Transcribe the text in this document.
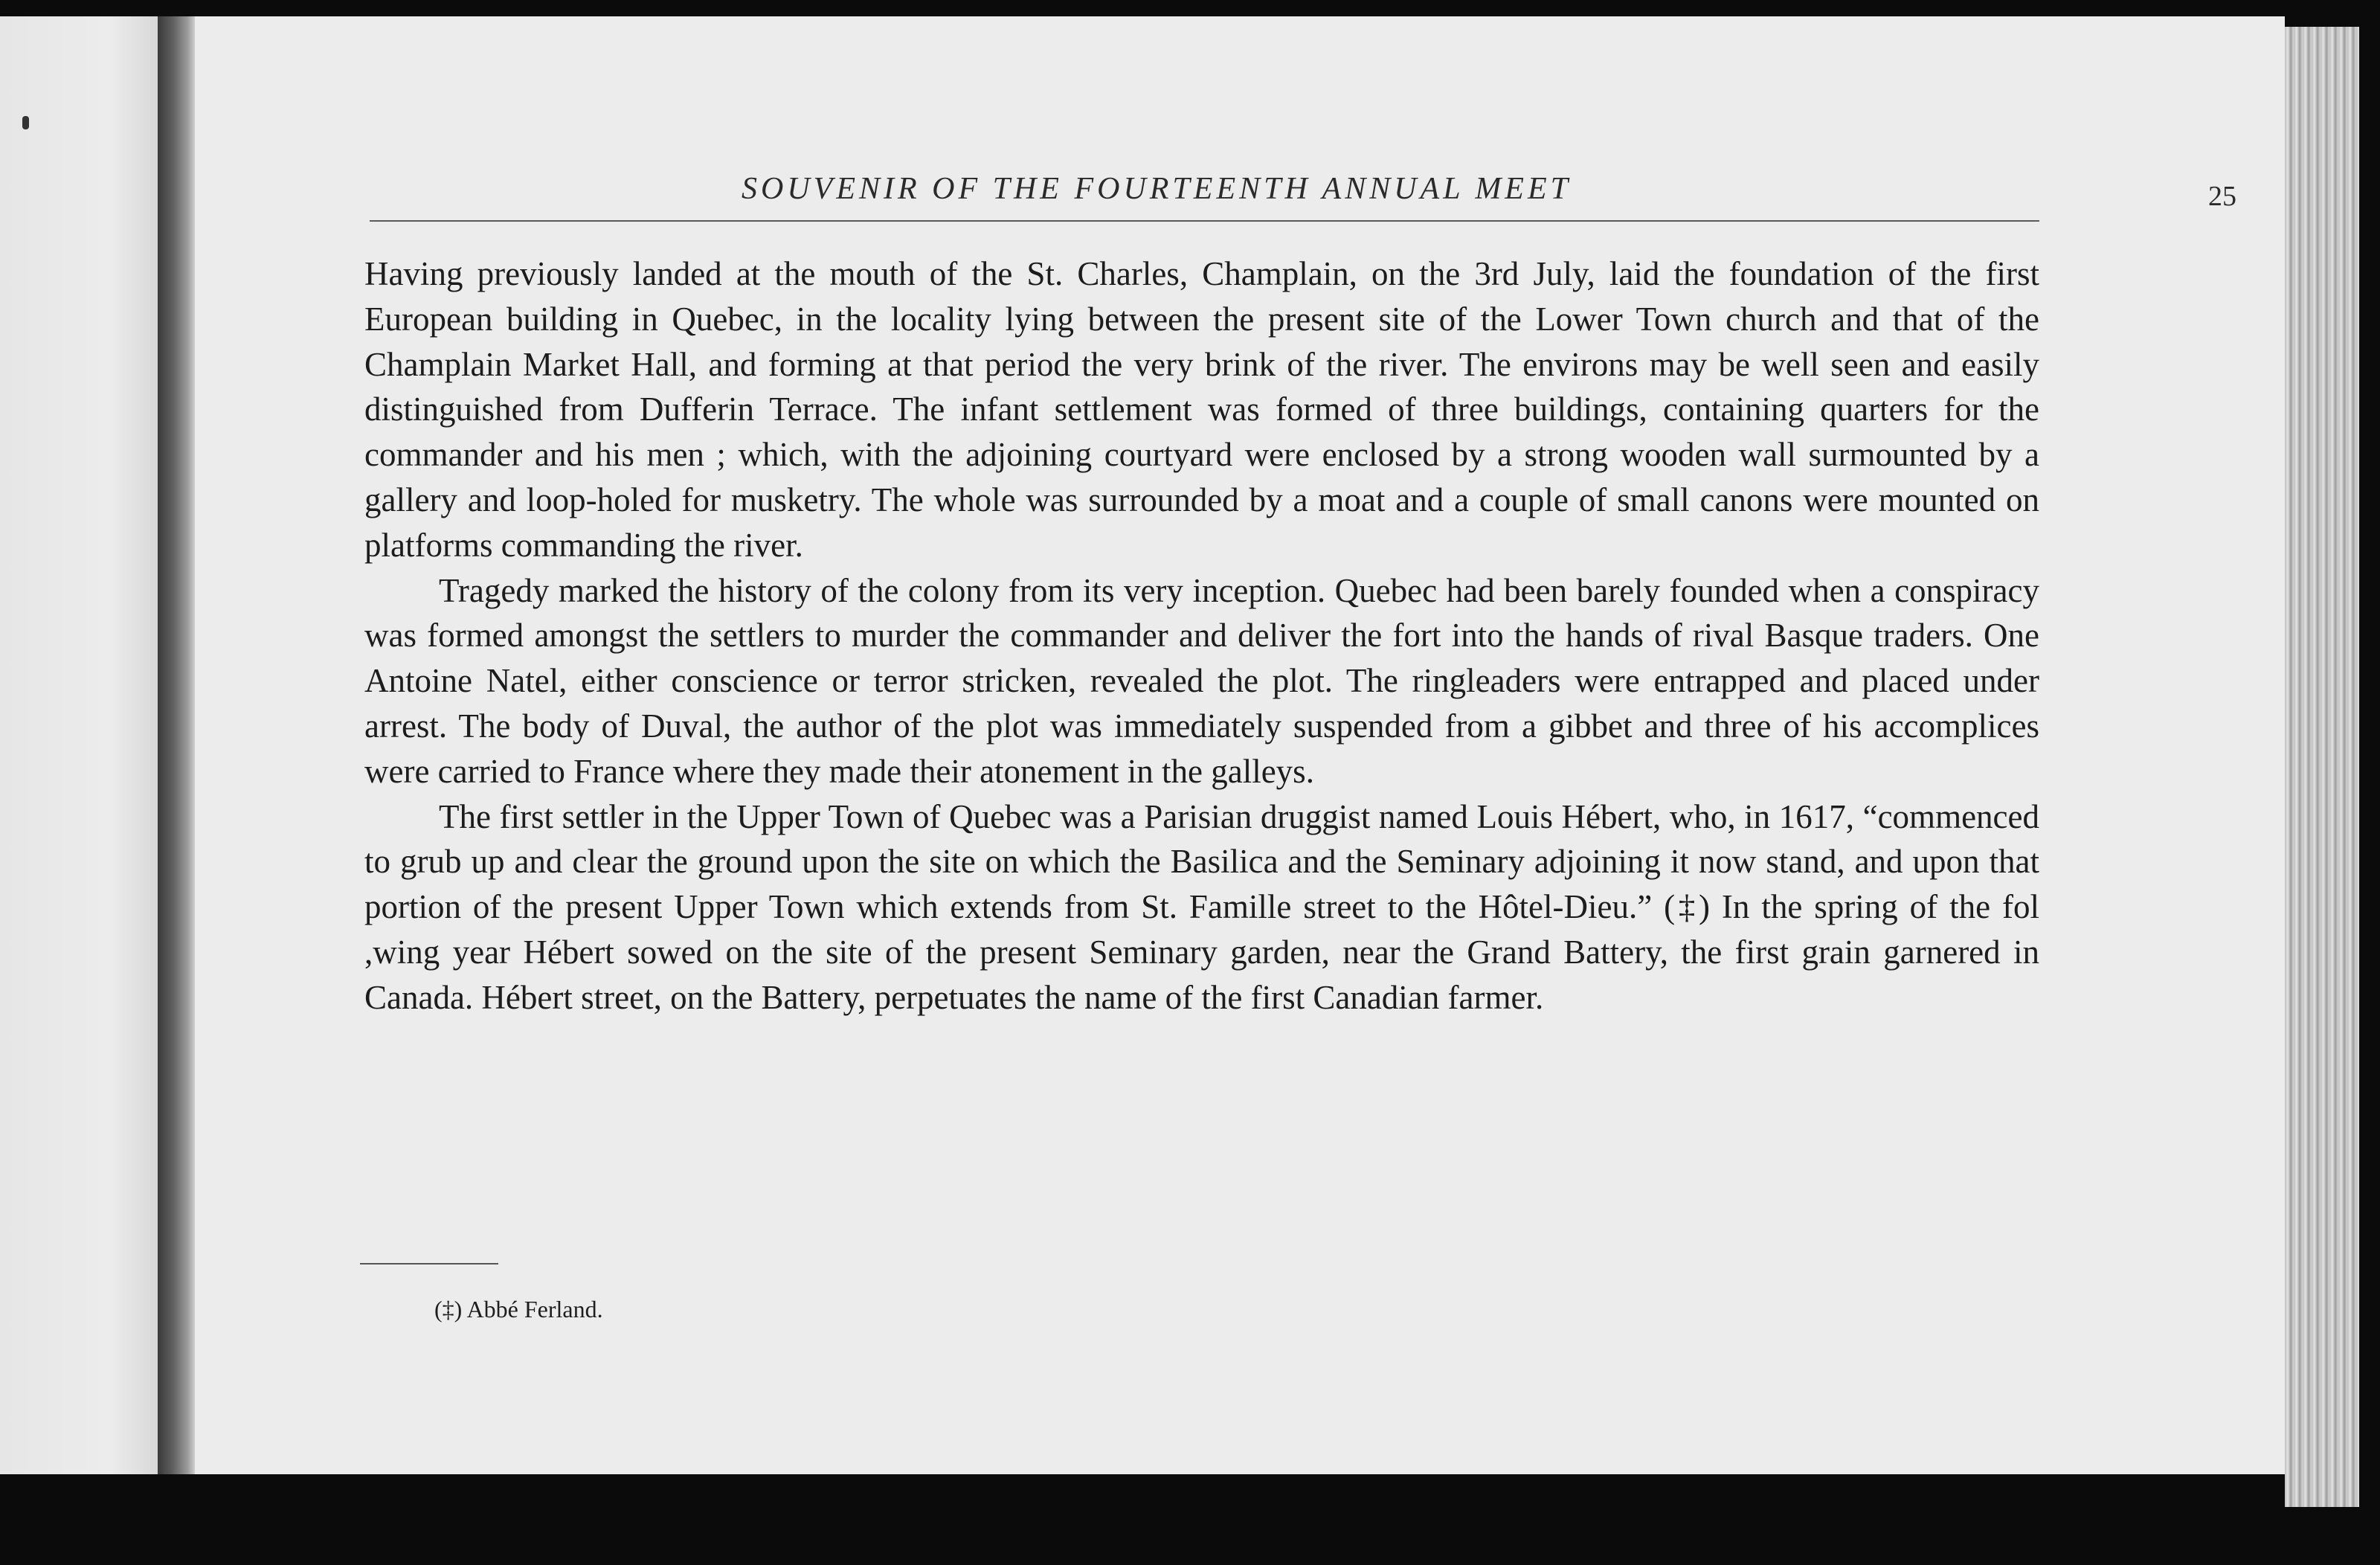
SOUVENIR OF THE FOURTEENTH ANNUAL MEET	25

Having previously landed at the mouth of the St. Charles, Champlain, on the 3rd July, laid the foundation of the first European building in Quebec, in the locality lying between the present site of the Lower Town church and that of the Champlain Market Hall, and forming at that period the very brink of the river. The environs may be well seen and easily distinguished from Dufferin Terrace. The infant settlement was formed of three buildings, containing quarters for the commander and his men ; which, with the adjoining courtyard were enclosed by a strong wooden wall surmounted by a gallery and loop-holed for musketry. The whole was surrounded by a moat and a couple of small canons were mounted on platforms commanding the river.

Tragedy marked the history of the colony from its very inception. Quebec had been barely founded when a conspiracy was formed amongst the settlers to murder the commander and deliver the fort into the hands of rival Basque traders. One Antoine Natel, either conscience or terror stricken, revealed the plot. The ringleaders were entrapped and placed under arrest. The body of Duval, the author of the plot was immediately suspended from a gibbet and three of his accomplices were carried to France where they made their atonement in the galleys.

The first settler in the Upper Town of Quebec was a Parisian druggist named Louis Hébert, who, in 1617, “commenced to grub up and clear the ground upon the site on which the Basilica and the Seminary adjoining it now stand, and upon that portion of the present Upper Town which extends from St. Famille street to the Hôtel-Dieu.” (‡) In the spring of the fol ,wing year Hébert sowed on the site of the present Seminary garden, near the Grand Battery, the first grain garnered in Canada. Hébert street, on the Battery, perpetuates the name of the first Canadian farmer.

(‡) Abbé Ferland.
